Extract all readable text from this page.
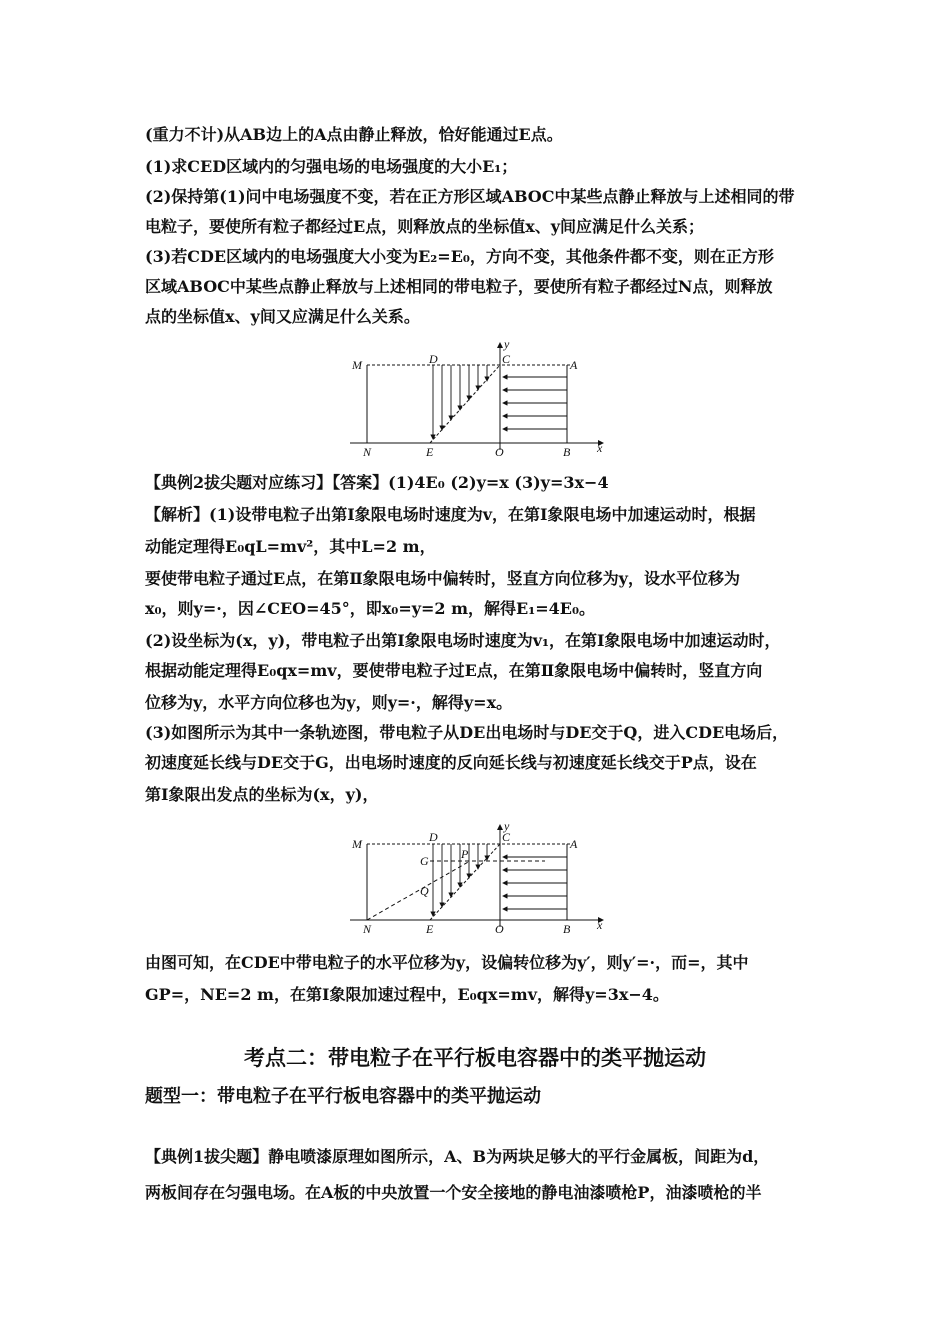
(重力不计)从AB边上的A点由静止释放，恰好能通过E点。
(1)求CED区域内的匀强电场的电场强度的大小E₁；
(2)保持第(1)问中电场强度不变，若在正方形区域ABOC中某些点静止释放与上述相同的带
电粒子，要使所有粒子都经过E点，则释放点的坐标值x、y间应满足什么关系；
(3)若CDE区域内的电场强度大小变为E₂=E₀，方向不变，其他条件都不变，则在正方形
区域ABOC中某些点静止释放与上述相同的带电粒子，要使所有粒子都经过N点，则释放
点的坐标值x、y间又应满足什么关系。
M	D	C	A
N	E	O	B x
y
【典例2拔尖题对应练习】【答案】(1)4E₀ (2)y=x (3)y=3x−4
【解析】(1)设带电粒子出第Ⅰ象限电场时速度为v，在第Ⅰ象限电场中加速运动时，根据
动能定理得E₀qL=mv²，其中L=2 m，
要使带电粒子通过E点，在第Ⅱ象限电场中偏转时，竖直方向位移为y，设水平位移为
x₀，则y=·，因∠CEO=45°，即x₀=y=2 m，解得E₁=4E₀。
(2)设坐标为(x，y)，带电粒子出第Ⅰ象限电场时速度为v₁，在第Ⅰ象限电场中加速运动时，
根据动能定理得E₀qx=mv，要使带电粒子过E点，在第Ⅱ象限电场中偏转时，竖直方向
位移为y，水平方向位移也为y，则y=·，解得y=x。
(3)如图所示为其中一条轨迹图，带电粒子从DE出电场时与DE交于Q，进入CDE电场后，
初速度延长线与DE交于G，出电场时速度的反向延长线与初速度延长线交于P点，设在
第Ⅰ象限出发点的坐标为(x，y)，
M	D	C	A
G	P
Q
N	E	O	B x
y
由图可知，在CDE中带电粒子的水平位移为y，设偏转位移为y′，则y′=·，而=，其中
GP=，NE=2 m，在第Ⅰ象限加速过程中，E₀qx=mv，解得y=3x−4。
考点二：带电粒子在平行板电容器中的类平抛运动
题型一：带电粒子在平行板电容器中的类平抛运动
【典例1拔尖题】静电喷漆原理如图所示，A、B为两块足够大的平行金属板，间距为d，
两板间存在匀强电场。在A板的中央放置一个安全接地的静电油漆喷枪P，油漆喷枪的半
